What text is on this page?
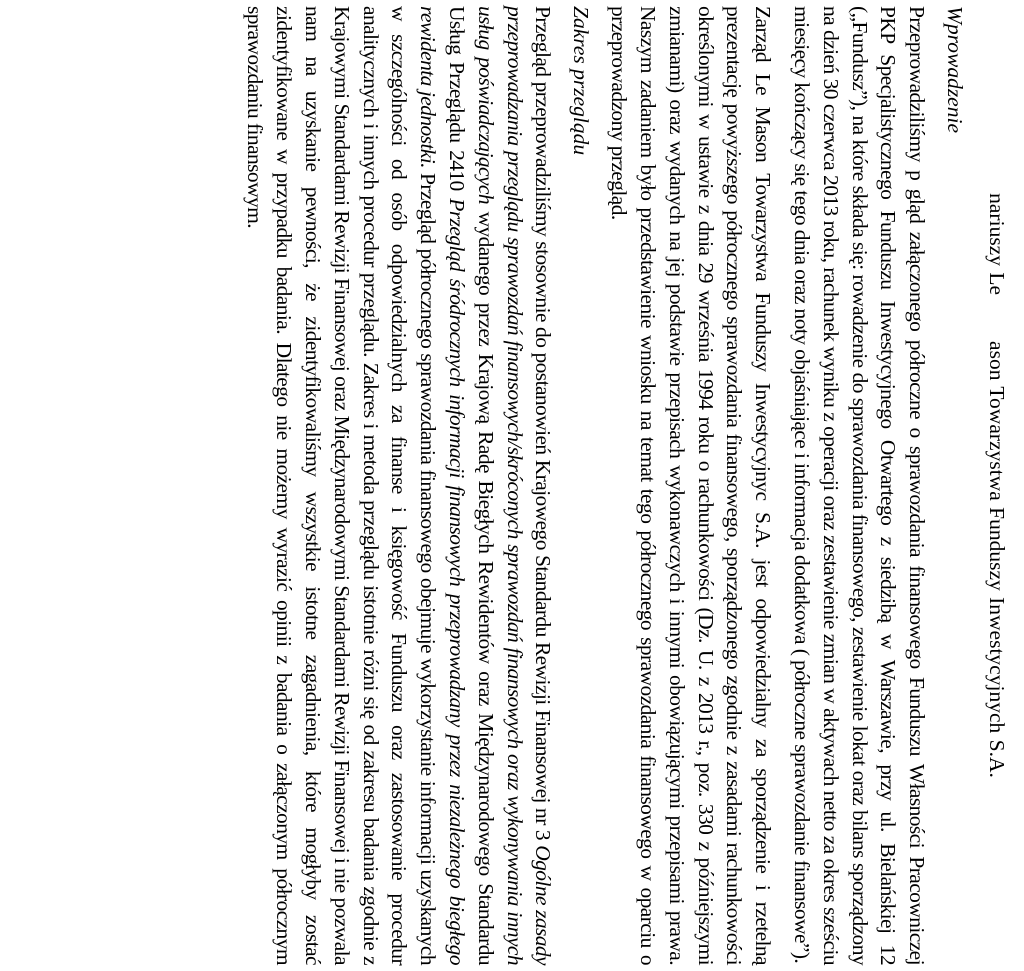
nariuszy Leason Towarzystwa Funduszy Inwestycyjnych S.A.
Wprowadzenie

Przeprowadziliśmy p gląd załączonego półroczne o sprawozdania finansowego Funduszu Własności Pracowniczej PKP Specjalistycznego Funduszu Inwestycyjnego Otwartego z siedzibą w Warszawie, przy ul. Bielańskiej 12 („Fundusz”), na które składa się: rowadzenie do sprawozdania finansowego, zestawienie lokat oraz bilans sporządzony na dzień 30 czerwca 2013 roku, rachunek wyniku z operacji oraz zestawienie zmian w aktywach netto za okres sześciu miesięcy kończący się tego dnia oraz noty objaśniające i informacja dodatkowa ( półroczne sprawozdanie finansowe”).

Zarząd Le Mason Towarzystwa Funduszy Inwestycyjnyc S.A. jest odpowiedzialny za sporządzenie i rzetelną prezentację powyższego półrocznego sprawozdania finansowego, sporządzonego zgodnie z zasadami rachunkowości określonymi w ustawie z dnia 29 września 1994 roku o rachunkowości (Dz. U. z 2013 r., poz. 330 z późniejszymi zmianami) oraz wydanych na jej podstawie przepisach wykonawczych i innymi obowiązującymi przepisami prawa. Naszym zadaniem było przedstawienie wniosku na temat tego półrocznego sprawozdania finansowego w oparciu o przeprowadzony przegląd.

Zakres przeglądu

Przegląd przeprowadziliśmy stosownie do postanowień Krajowego Standardu Rewizji Finansowej nr 3 Ogólne zasady przeprowadzania przeglądu sprawozdań finansowych/skróconych sprawozdań finansowych oraz wykonywania innych usług poświadczających wydanego przez Krajową Radę Biegłych Rewidentów oraz Międzynarodowego Standardu Usług Przeglądu 2410 Przegląd śródrocznych informacji finansowych przeprowadzany przez niezależnego biegłego rewidenta jednostki. Przegląd półrocznego sprawozdania finansowego obejmuje wykorzystanie informacji uzyskanych w szczególności od osób odpowiedzialnych za finanse i księgowość Funduszu oraz zastosowanie procedur analitycznych i innych procedur przeglądu. Zakres i metoda przeglądu istotnie różni się od zakresu badania zgodnie z Krajowymi Standardami Rewizji Finansowej oraz Międzynarodowymi Standardami Rewizji Finansowej i nie pozwala nam na uzyskanie pewności, że zidentyfikowaliśmy wszystkie istotne zagadnienia, które mogłyby zostać zidentyfikowane w przypadku badania. Dlatego nie możemy wyrazić opinii z badania o załączonym półrocznym sprawozdaniu finansowym.
